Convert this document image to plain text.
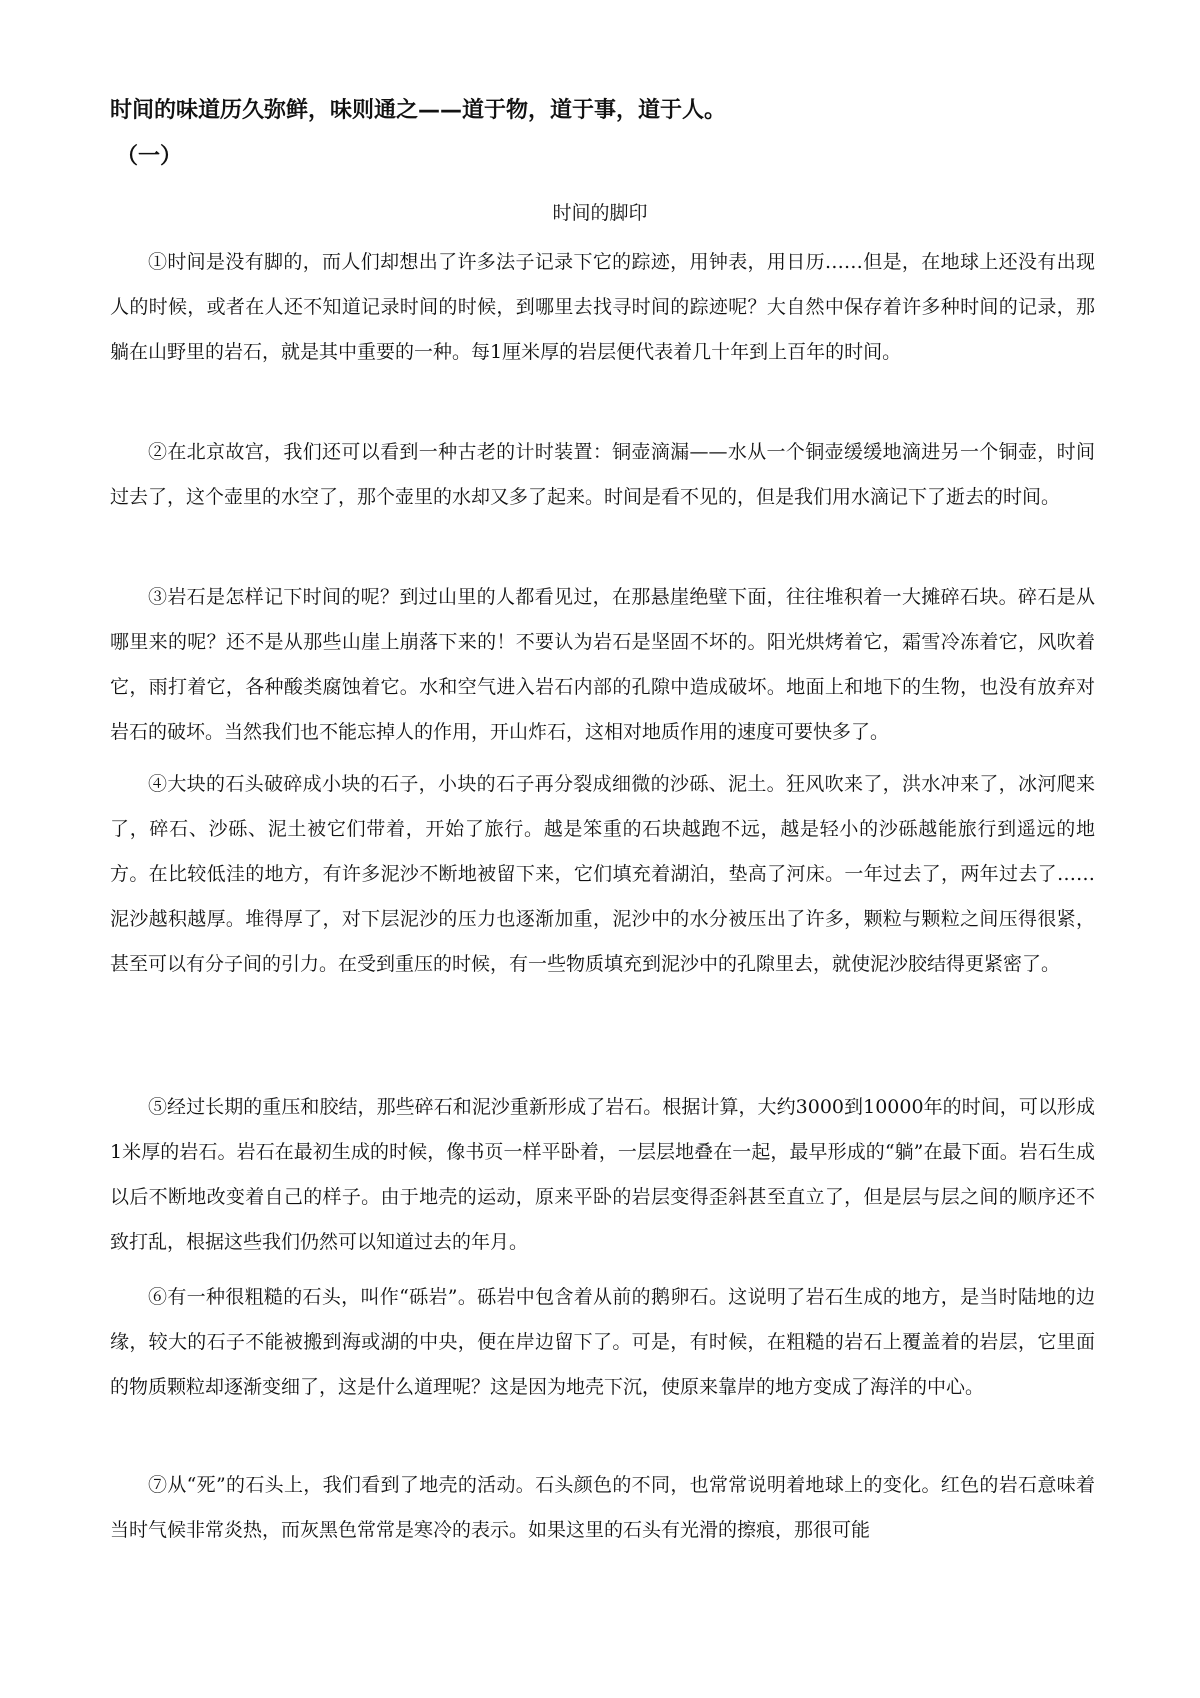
时间的味道历久弥鲜，味则通之——道于物，道于事，道于人。
（一）
时间的脚印

①时间是没有脚的，而人们却想出了许多法子记录下它的踪迹，用钟表，用日历……但是，在地球上还没有出现人的时候，或者在人还不知道记录时间的时候，到哪里去找寻时间的踪迹呢？大自然中保存着许多种时间的记录，那躺在山野里的岩石，就是其中重要的一种。每1厘米厚的岩层便代表着几十年到上百年的时间。

②在北京故宫，我们还可以看到一种古老的计时装置：铜壶滴漏——水从一个铜壶缓缓地滴进另一个铜壶，时间过去了，这个壶里的水空了，那个壶里的水却又多了起来。时间是看不见的，但是我们用水滴记下了逝去的时间。

③岩石是怎样记下时间的呢？到过山里的人都看见过，在那悬崖绝壁下面，往往堆积着一大摊碎石块。碎石是从哪里来的呢？还不是从那些山崖上崩落下来的！不要认为岩石是坚固不坏的。阳光烘烤着它，霜雪冷冻着它，风吹着它，雨打着它，各种酸类腐蚀着它。水和空气进入岩石内部的孔隙中造成破坏。地面上和地下的生物，也没有放弃对岩石的破坏。当然我们也不能忘掉人的作用，开山炸石，这相对地质作用的速度可要快多了。

④大块的石头破碎成小块的石子，小块的石子再分裂成细微的沙砾、泥土。狂风吹来了，洪水冲来了，冰河爬来了，碎石、沙砾、泥土被它们带着，开始了旅行。越是笨重的石块越跑不远，越是轻小的沙砾越能旅行到遥远的地方。在比较低洼的地方，有许多泥沙不断地被留下来，它们填充着湖泊，垫高了河床。一年过去了，两年过去了……泥沙越积越厚。堆得厚了，对下层泥沙的压力也逐渐加重，泥沙中的水分被压出了许多，颗粒与颗粒之间压得很紧，甚至可以有分子间的引力。在受到重压的时候，有一些物质填充到泥沙中的孔隙里去，就使泥沙胶结得更紧密了。

⑤经过长期的重压和胶结，那些碎石和泥沙重新形成了岩石。根据计算，大约3000到10000年的时间，可以形成1米厚的岩石。岩石在最初生成的时候，像书页一样平卧着，一层层地叠在一起，最早形成的“躺”在最下面。岩石生成以后不断地改变着自己的样子。由于地壳的运动，原来平卧的岩层变得歪斜甚至直立了，但是层与层之间的顺序还不致打乱，根据这些我们仍然可以知道过去的年月。

⑥有一种很粗糙的石头，叫作“砾岩”。砾岩中包含着从前的鹅卵石。这说明了岩石生成的地方，是当时陆地的边缘，较大的石子不能被搬到海或湖的中央，便在岸边留下了。可是，有时候，在粗糙的岩石上覆盖着的岩层，它里面的物质颗粒却逐渐变细了，这是什么道理呢？这是因为地壳下沉，使原来靠岸的地方变成了海洋的中心。

⑦从“死”的石头上，我们看到了地壳的活动。石头颜色的不同，也常常说明着地球上的变化。红色的岩石意味着当时气候非常炎热，而灰黑色常常是寒冷的表示。如果这里的石头有光滑的擦痕，那很可能
